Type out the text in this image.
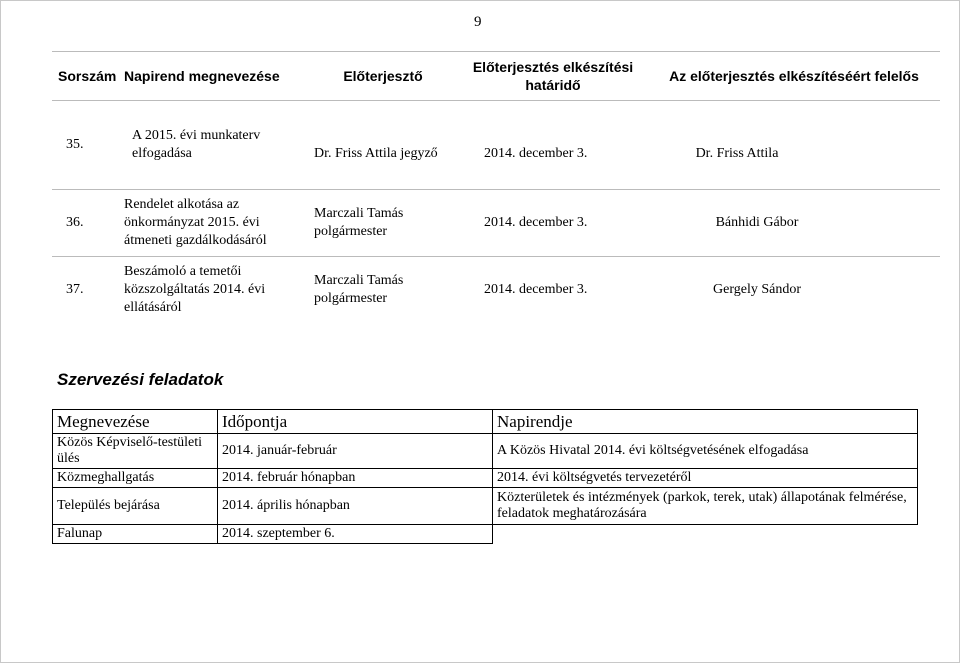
9
Sorszám	Napirend megnevezése	Előterjesztő	Előterjesztés elkészítési határidő	Az előterjesztés elkészítéséért felelős
35.	A 2015. évi munkaterv elfogadása	Dr. Friss Attila jegyző	2014. december 3.	Dr. Friss Attila
36.	Rendelet alkotása az önkormányzat 2015. évi átmeneti gazdálkodásáról	Marczali Tamás polgármester	2014. december 3.	Bánhidi Gábor
37.	Beszámoló a temetői közszolgáltatás 2014. évi ellátásáról	Marczali Tamás polgármester	2014. december 3.	Gergely Sándor
Szervezési feladatok
Megnevezése	Időpontja	Napirendje
Közös Képviselő-testületi ülés	2014. január-február	A Közös Hivatal 2014. évi költségvetésének elfogadása
Közmeghallgatás	2014. február hónapban	2014. évi költségvetés tervezetéről
Település bejárása	2014. április hónapban	Közterületek és intézmények (parkok, terek, utak) állapotának felmérése, feladatok meghatározására
Falunap	2014. szeptember 6.	
